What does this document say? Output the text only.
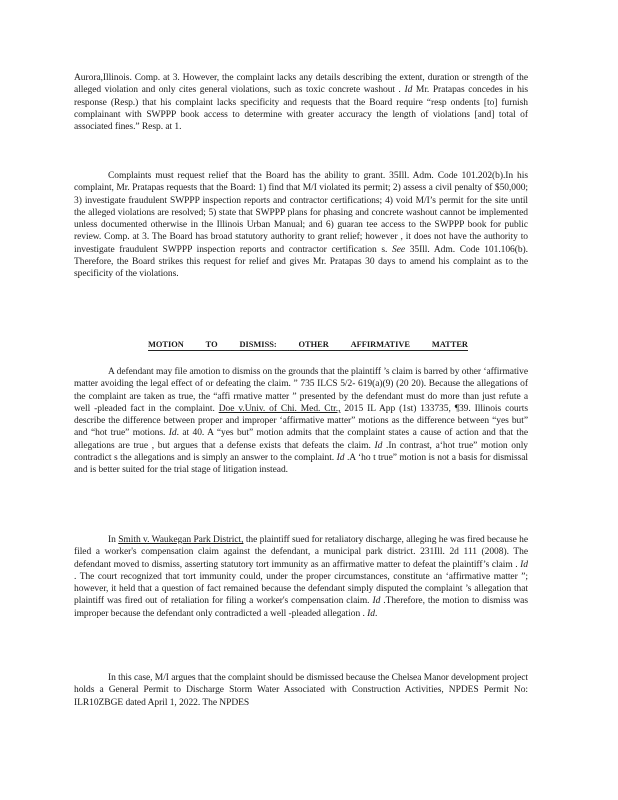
Aurora,Illinois. Comp. at 3. However, the complaint lacks any details describing the extent, duration or strength of the alleged violation and only cites general violations, such as toxic concrete washout . Id Mr. Pratapas concedes in his response (Resp.) that his complaint lacks specificity and requests that the Board require “resp ondents [to] furnish complainant with SWPPP book access to determine with greater accuracy the length of violations [and] total of associated fines.” Resp. at 1.
Complaints must request relief that the Board has the ability to grant. 35Ill. Adm. Code 101.202(b).In his complaint, Mr. Pratapas requests that the Board: 1) find that M/I violated its permit; 2) assess a civil penalty of $50,000; 3) investigate fraudulent SWPPP inspection reports and contractor certifications; 4) void M/I’s permit for the site until the alleged violations are resolved; 5) state that SWPPP plans for phasing and concrete washout cannot be implemented unless documented otherwise in the Illinois Urban Manual; and 6) guaran tee access to the SWPPP book for public review. Comp. at 3. The Board has broad statutory authority to grant relief; however , it does not have the authority to investigate fraudulent SWPPP inspection reports and contractor certification s. See 35Ill. Adm. Code 101.106(b). Therefore, the Board strikes this request for relief and gives Mr. Pratapas 30 days to amend his complaint as to the specificity of the violations.
MOTION	TO	DISMISS:	OTHER	AFFIRMATIVE	MATTER
A defendant may file amotion to dismiss on the grounds that the plaintiff ’s claim is barred by other ‘affirmative matter avoiding the legal effect of or defeating the claim. ” 735 ILCS 5/2- 619(a)(9) (20 20). Because the allegations of the complaint are taken as true, the “affi rmative matter ” presented by the defendant must do more than just refute a well -pleaded fact in the complaint. Doe v.Univ. of Chi. Med. Ctr., 2015 IL App (1st) 133735, ¶39. Illinois courts describe the difference between proper and improper ‘affirmative matter” motions as the difference between “yes but” and “hot true” motions. Id. at 40. A “yes but” motion admits that the complaint states a cause of action and that the allegations are true , but argues that a defense exists that defeats the claim. Id .In contrast, a‘hot true” motion only contradict s the allegations and is simply an answer to the complaint. Id .A ‘ho t true” motion is not a basis for dismissal and is better suited for the trial stage of litigation instead.
In Smith v. Waukegan Park District, the plaintiff sued for retaliatory discharge, alleging he was fired because he filed a worker's compensation claim against the defendant, a municipal park district. 231Ill. 2d 111 (2008). The defendant moved to dismiss, asserting statutory tort immunity as an affirmative matter to defeat the plaintiff’s claim . Id . The court recognized that tort immunity could, under the proper circumstances, constitute an ‘affirmative matter ”; however, it held that a question of fact remained because the defendant simply disputed the complaint ’s allegation that plaintiff was fired out of retaliation for filing a worker's compensation claim. Id .Therefore, the motion to dismiss was improper because the defendant only contradicted a well -pleaded allegation . Id.
In this case, M/I argues that the complaint should be dismissed because the Chelsea Manor development project holds a General Permit to Discharge Storm Water Associated with Construction Activities, NPDES Permit No: ILR10ZBGE dated April 1, 2022. The NPDES
